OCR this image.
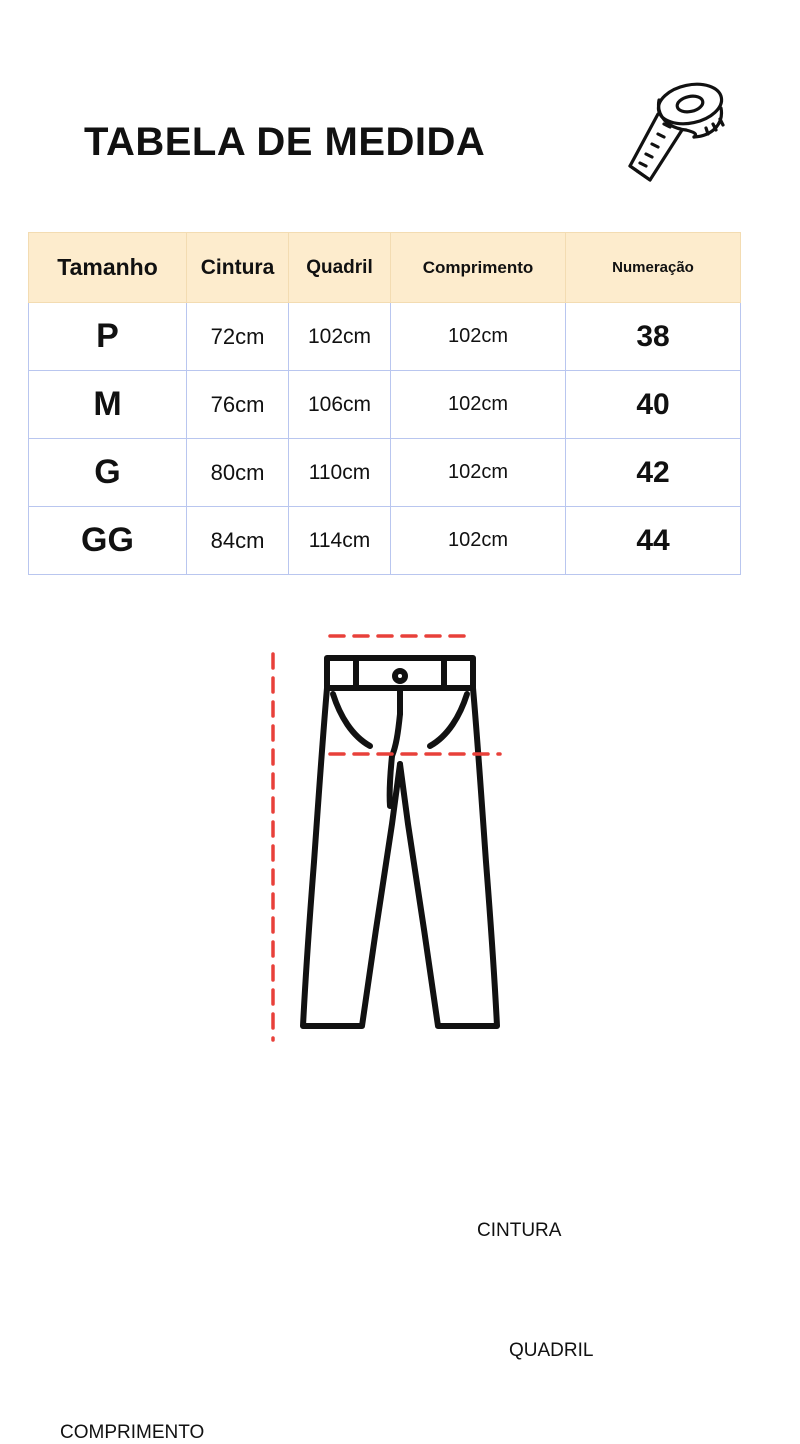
TABELA DE MEDIDA
Tamanho	Cintura	Quadril	Comprimento	Numeração
P	72cm	102cm	102cm	38
M	76cm	106cm	102cm	40
G	80cm	110cm	102cm	42
GG	84cm	114cm	102cm	44
CINTURA
QUADRIL
COMPRIMENTO
